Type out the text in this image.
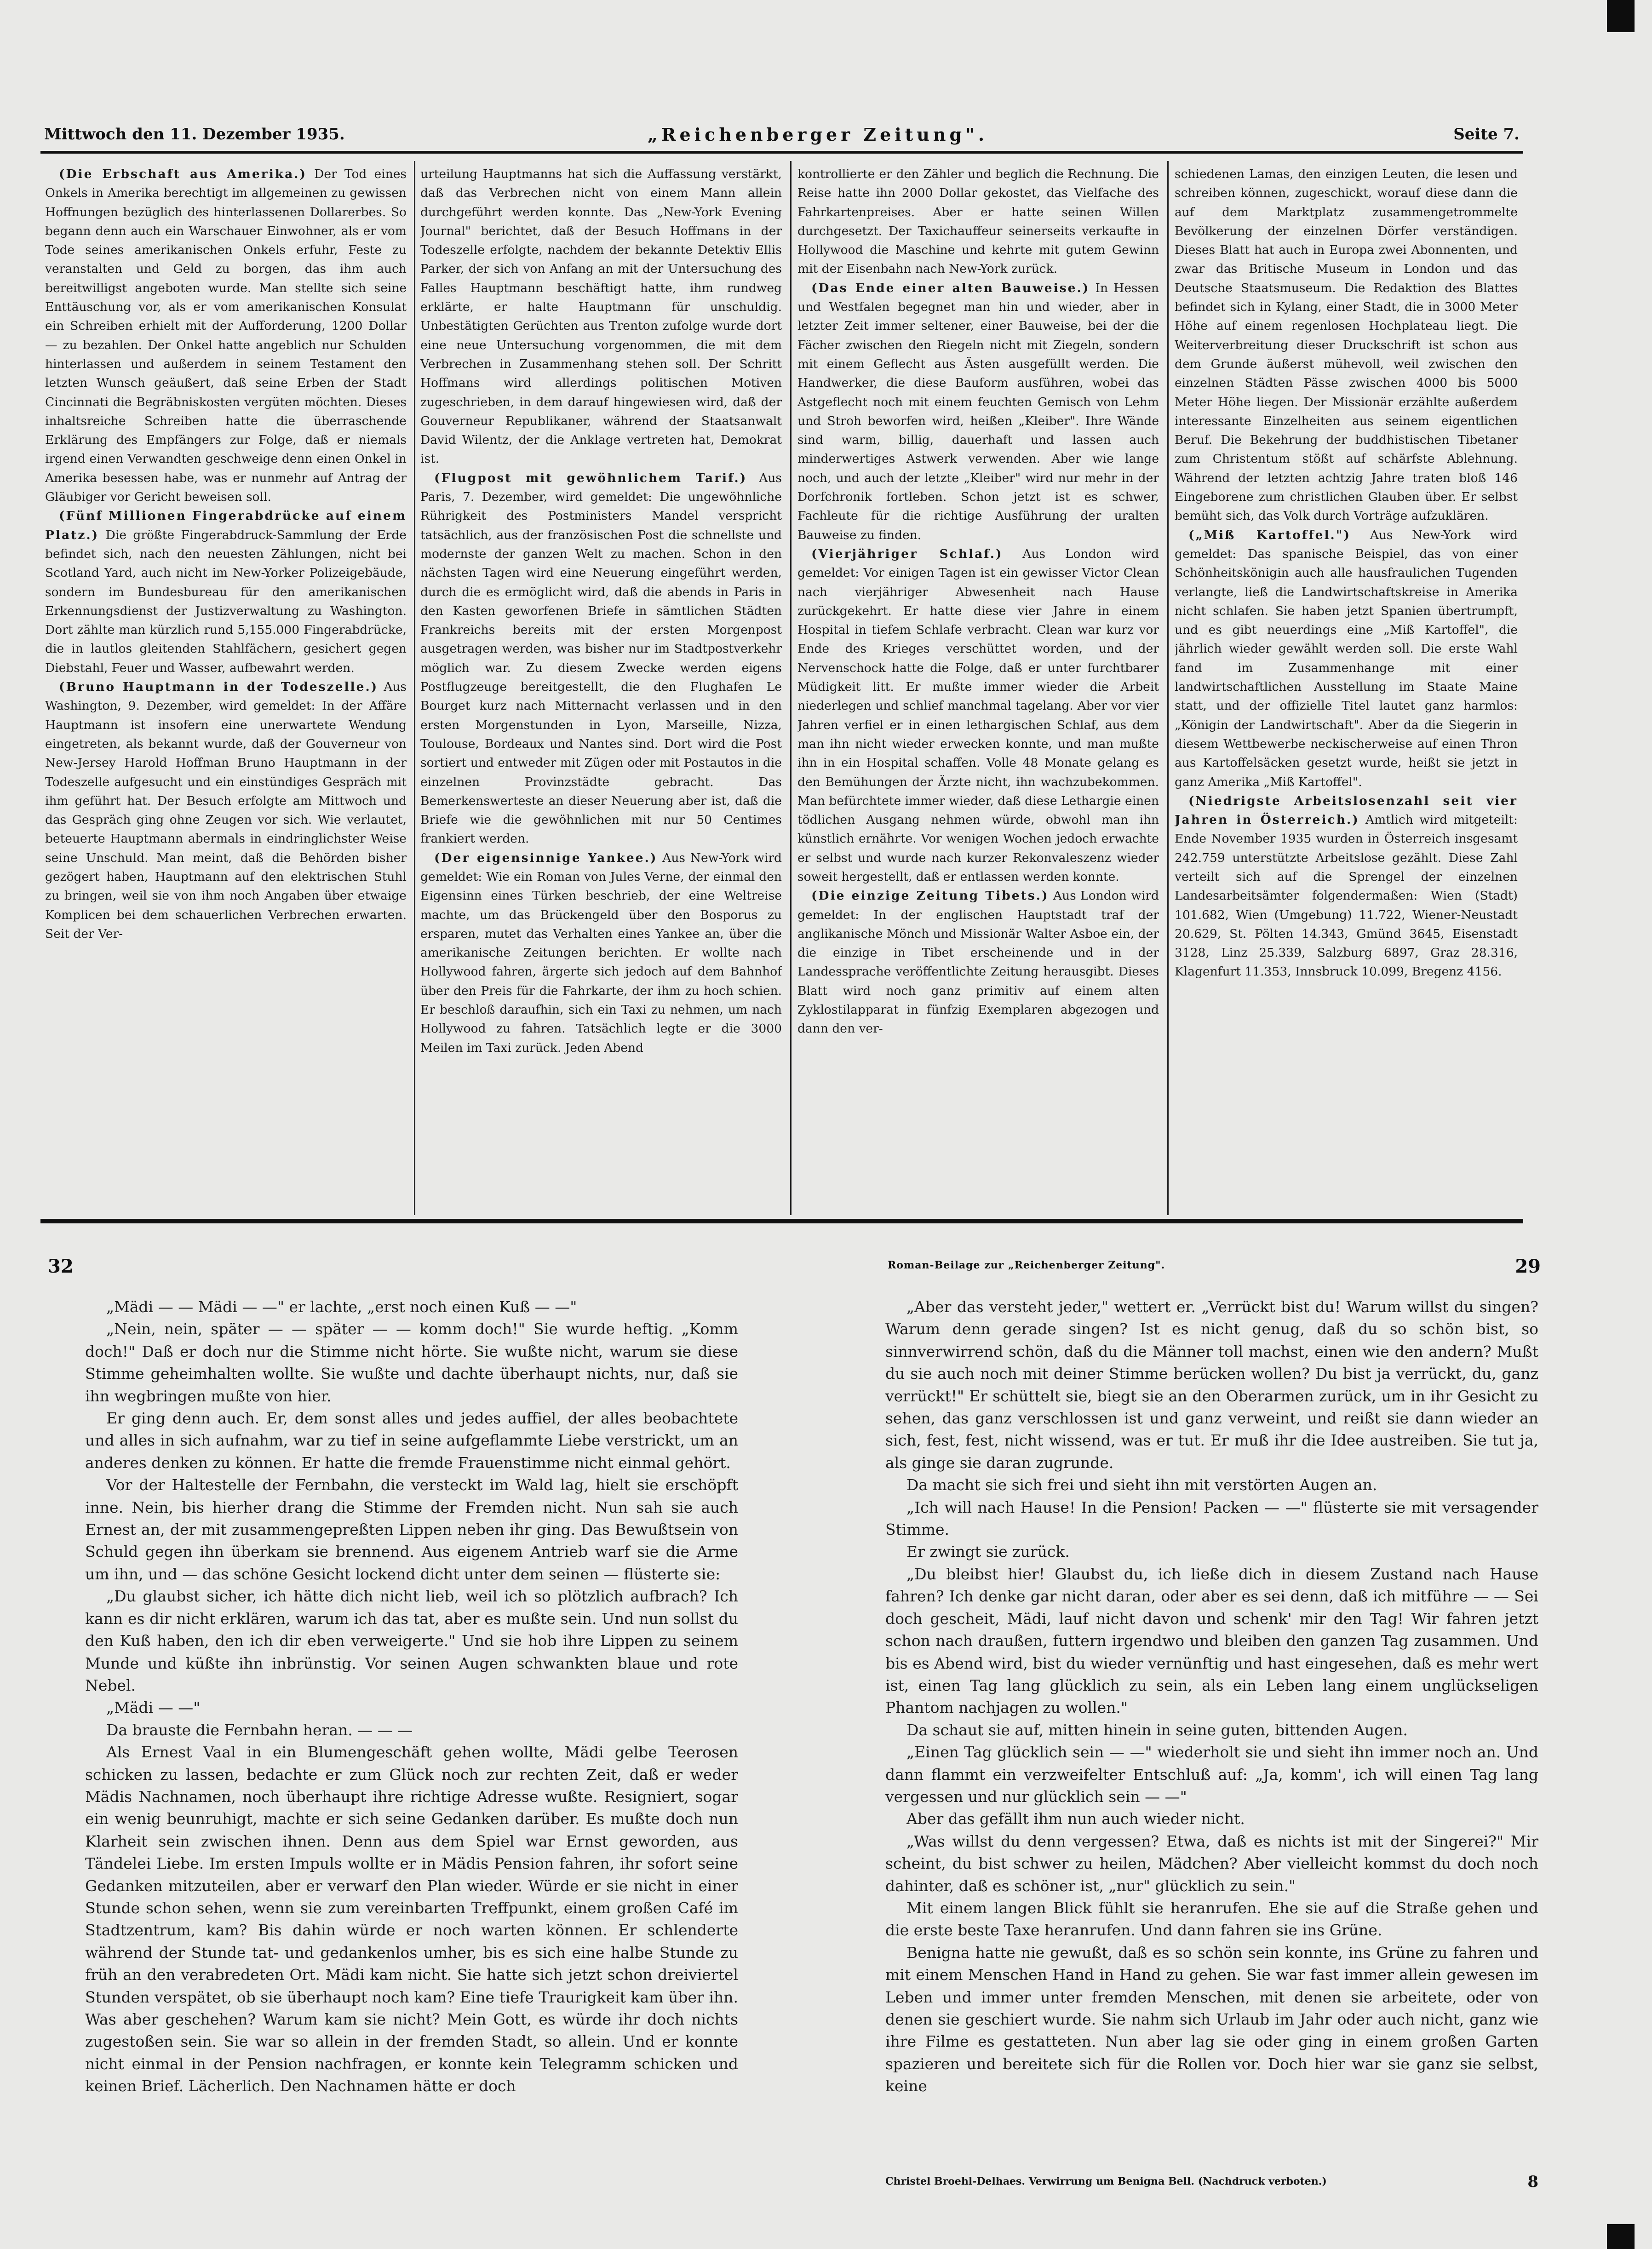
Mittwoch den 11. Dezember 1935.	„Reichenberger Zeitung".	Seite 7.

(Die Erbschaft aus Amerika.) Der Tod eines Onkels in Amerika berechtigt im allgemeinen zu gewissen Hoffnungen bezüglich des hinterlassenen Dollarerbes. So begann denn auch ein Warschauer Einwohner, als er vom Tode seines amerikanischen Onkels erfuhr, Feste zu veranstalten und Geld zu borgen, das ihm auch bereitwilligst angeboten wurde. Man stellte sich seine Enttäuschung vor, als er vom amerikanischen Konsulat ein Schreiben erhielt mit der Aufforderung, 1200 Dollar — zu bezahlen. Der Onkel hatte angeblich nur Schulden hinterlassen und außerdem in seinem Testament den letzten Wunsch geäußert, daß seine Erben der Stadt Cincinnati die Begräbniskosten vergüten möchten. Dieses inhaltsreiche Schreiben hatte die überraschende Erklärung des Empfängers zur Folge, daß er niemals irgend einen Verwandten geschweige denn einen Onkel in Amerika besessen habe, was er nunmehr auf Antrag der Gläubiger vor Gericht beweisen soll.

(Fünf Millionen Fingerabdrücke auf einem Platz.) Die größte Fingerabdruck-Sammlung der Erde befindet sich, nach den neuesten Zählungen, nicht bei Scotland Yard, auch nicht im New-Yorker Polizeigebäude, sondern im Bundesbureau für den amerikanischen Erkennungsdienst der Justizverwaltung zu Washington. Dort zählte man kürzlich rund 5,155.000 Fingerabdrücke, die in lautlos gleitenden Stahlfächern, gesichert gegen Diebstahl, Feuer und Wasser, aufbewahrt werden.

(Bruno Hauptmann in der Todeszelle.) Aus Washington, 9. Dezember, wird gemeldet: In der Affäre Hauptmann ist insofern eine unerwartete Wendung eingetreten, als bekannt wurde, daß der Gouverneur von New-Jersey Harold Hoffman Bruno Hauptmann in der Todeszelle aufgesucht und ein einstündiges Gespräch mit ihm geführt hat. Der Besuch erfolgte am Mittwoch und das Gespräch ging ohne Zeugen vor sich. Wie verlautet, beteuerte Hauptmann abermals in eindringlichster Weise seine Unschuld. Man meint, daß die Behörden bisher gezögert haben, Hauptmann auf den elektrischen Stuhl zu bringen, weil sie von ihm noch Angaben über etwaige Komplicen bei dem schauerlichen Verbrechen erwarten. Seit der Ver-

urteilung Hauptmanns hat sich die Auffassung verstärkt, daß das Verbrechen nicht von einem Mann allein durchgeführt werden konnte. Das „New-York Evening Journal" berichtet, daß der Besuch Hoffmans in der Todeszelle erfolgte, nachdem der bekannte Detektiv Ellis Parker, der sich von Anfang an mit der Untersuchung des Falles Hauptmann beschäftigt hatte, ihm rundweg erklärte, er halte Hauptmann für unschuldig. Unbestätigten Gerüchten aus Trenton zufolge wurde dort eine neue Untersuchung vorgenommen, die mit dem Verbrechen in Zusammenhang stehen soll. Der Schritt Hoffmans wird allerdings politischen Motiven zugeschrieben, in dem darauf hingewiesen wird, daß der Gouverneur Republikaner, während der Staatsanwalt David Wilentz, der die Anklage vertreten hat, Demokrat ist.

(Flugpost mit gewöhnlichem Tarif.) Aus Paris, 7. Dezember, wird gemeldet: Die ungewöhnliche Rührigkeit des Postministers Mandel verspricht tatsächlich, aus der französischen Post die schnellste und modernste der ganzen Welt zu machen. Schon in den nächsten Tagen wird eine Neuerung eingeführt werden, durch die es ermöglicht wird, daß die abends in Paris in den Kasten geworfenen Briefe in sämtlichen Städten Frankreichs bereits mit der ersten Morgenpost ausgetragen werden, was bisher nur im Stadtpostverkehr möglich war. Zu diesem Zwecke werden eigens Postflugzeuge bereitgestellt, die den Flughafen Le Bourget kurz nach Mitternacht verlassen und in den ersten Morgenstunden in Lyon, Marseille, Nizza, Toulouse, Bordeaux und Nantes sind. Dort wird die Post sortiert und entweder mit Zügen oder mit Postautos in die einzelnen Provinzstädte gebracht. Das Bemerkenswerteste an dieser Neuerung aber ist, daß die Briefe wie die gewöhnlichen mit nur 50 Centimes frankiert werden.

(Der eigensinnige Yankee.) Aus New-York wird gemeldet: Wie ein Roman von Jules Verne, der einmal den Eigensinn eines Türken beschrieb, der eine Weltreise machte, um das Brückengeld über den Bosporus zu ersparen, mutet das Verhalten eines Yankee an, über die amerikanische Zeitungen berichten. Er wollte nach Hollywood fahren, ärgerte sich jedoch auf dem Bahnhof über den Preis für die Fahrkarte, der ihm zu hoch schien. Er beschloß daraufhin, sich ein Taxi zu nehmen, um nach Hollywood zu fahren. Tatsächlich legte er die 3000 Meilen im Taxi zurück. Jeden Abend

kontrollierte er den Zähler und beglich die Rechnung. Die Reise hatte ihn 2000 Dollar gekostet, das Vielfache des Fahrkartenpreises. Aber er hatte seinen Willen durchgesetzt. Der Taxichauffeur seinerseits verkaufte in Hollywood die Maschine und kehrte mit gutem Gewinn mit der Eisenbahn nach New-York zurück.

(Das Ende einer alten Bauweise.) In Hessen und Westfalen begegnet man hin und wieder, aber in letzter Zeit immer seltener, einer Bauweise, bei der die Fächer zwischen den Riegeln nicht mit Ziegeln, sondern mit einem Geflecht aus Ästen ausgefüllt werden. Die Handwerker, die diese Bauform ausführen, wobei das Astgeflecht noch mit einem feuchten Gemisch von Lehm und Stroh beworfen wird, heißen „Kleiber". Ihre Wände sind warm, billig, dauerhaft und lassen auch minderwertiges Astwerk verwenden. Aber wie lange noch, und auch der letzte „Kleiber" wird nur mehr in der Dorfchronik fortleben. Schon jetzt ist es schwer, Fachleute für die richtige Ausführung der uralten Bauweise zu finden.

(Vierjähriger Schlaf.) Aus London wird gemeldet: Vor einigen Tagen ist ein gewisser Victor Clean nach vierjähriger Abwesenheit nach Hause zurückgekehrt. Er hatte diese vier Jahre in einem Hospital in tiefem Schlafe verbracht. Clean war kurz vor Ende des Krieges verschüttet worden, und der Nervenschock hatte die Folge, daß er unter furchtbarer Müdigkeit litt. Er mußte immer wieder die Arbeit niederlegen und schlief manchmal tagelang. Aber vor vier Jahren verfiel er in einen lethargischen Schlaf, aus dem man ihn nicht wieder erwecken konnte, und man mußte ihn in ein Hospital schaffen. Volle 48 Monate gelang es den Bemühungen der Ärzte nicht, ihn wachzubekommen. Man befürchtete immer wieder, daß diese Lethargie einen tödlichen Ausgang nehmen würde, obwohl man ihn künstlich ernährte. Vor wenigen Wochen jedoch erwachte er selbst und wurde nach kurzer Rekonvaleszenz wieder soweit hergestellt, daß er entlassen werden konnte.

(Die einzige Zeitung Tibets.) Aus London wird gemeldet: In der englischen Hauptstadt traf der anglikanische Mönch und Missionär Walter Asboe ein, der die einzige in Tibet erscheinende und in der Landessprache veröffentlichte Zeitung herausgibt. Dieses Blatt wird noch ganz primitiv auf einem alten Zyklostilapparat in fünfzig Exemplaren abgezogen und dann den ver-

schiedenen Lamas, den einzigen Leuten, die lesen und schreiben können, zugeschickt, worauf diese dann die auf dem Marktplatz zusammengetrommelte Bevölkerung der einzelnen Dörfer verständigen. Dieses Blatt hat auch in Europa zwei Abonnenten, und zwar das Britische Museum in London und das Deutsche Staatsmuseum. Die Redaktion des Blattes befindet sich in Kylang, einer Stadt, die in 3000 Meter Höhe auf einem regenlosen Hochplateau liegt. Die Weiterverbreitung dieser Druckschrift ist schon aus dem Grunde äußerst mühevoll, weil zwischen den einzelnen Städten Pässe zwischen 4000 bis 5000 Meter Höhe liegen. Der Missionär erzählte außerdem interessante Einzelheiten aus seinem eigentlichen Beruf. Die Bekehrung der buddhistischen Tibetaner zum Christentum stößt auf schärfste Ablehnung. Während der letzten achtzig Jahre traten bloß 146 Eingeborene zum christlichen Glauben über. Er selbst bemüht sich, das Volk durch Vorträge aufzuklären.

(„Miß Kartoffel.") Aus New-York wird gemeldet: Das spanische Beispiel, das von einer Schönheitskönigin auch alle hausfraulichen Tugenden verlangte, ließ die Landwirtschaftskreise in Amerika nicht schlafen. Sie haben jetzt Spanien übertrumpft, und es gibt neuerdings eine „Miß Kartoffel", die jährlich wieder gewählt werden soll. Die erste Wahl fand im Zusammenhange mit einer landwirtschaftlichen Ausstellung im Staate Maine statt, und der offizielle Titel lautet ganz harmlos: „Königin der Landwirtschaft". Aber da die Siegerin in diesem Wettbewerbe neckischerweise auf einen Thron aus Kartoffelsäcken gesetzt wurde, heißt sie jetzt in ganz Amerika „Miß Kartoffel".

(Niedrigste Arbeitslosenzahl seit vier Jahren in Österreich.) Amtlich wird mitgeteilt: Ende November 1935 wurden in Österreich insgesamt 242.759 unterstützte Arbeitslose gezählt. Diese Zahl verteilt sich auf die Sprengel der einzelnen Landesarbeitsämter folgendermaßen: Wien (Stadt) 101.682, Wien (Umgebung) 11.722, Wiener-Neustadt 20.629, St. Pölten 14.343, Gmünd 3645, Eisenstadt 3128, Linz 25.339, Salzburg 6897, Graz 28.316, Klagenfurt 11.353, Innsbruck 10.099, Bregenz 4156.

32

„Mädi — — Mädi — —" er lachte, „erst noch einen Kuß — —"

„Nein, nein, später — — später — — komm doch!" Sie wurde heftig. „Komm doch!" Daß er doch nur die Stimme nicht hörte. Sie wußte nicht, warum sie diese Stimme geheimhalten wollte. Sie wußte und dachte überhaupt nichts, nur, daß sie ihn wegbringen mußte von hier.

Er ging denn auch. Er, dem sonst alles und jedes auffiel, der alles beobachtete und alles in sich aufnahm, war zu tief in seine aufgeflammte Liebe verstrickt, um an anderes denken zu können. Er hatte die fremde Frauenstimme nicht einmal gehört.

Vor der Haltestelle der Fernbahn, die versteckt im Wald lag, hielt sie erschöpft inne. Nein, bis hierher drang die Stimme der Fremden nicht. Nun sah sie auch Ernest an, der mit zusammengepreßten Lippen neben ihr ging. Das Bewußtsein von Schuld gegen ihn überkam sie brennend. Aus eigenem Antrieb warf sie die Arme um ihn, und — das schöne Gesicht lockend dicht unter dem seinen — flüsterte sie:

„Du glaubst sicher, ich hätte dich nicht lieb, weil ich so plötzlich aufbrach? Ich kann es dir nicht erklären, warum ich das tat, aber es mußte sein. Und nun sollst du den Kuß haben, den ich dir eben verweigerte." Und sie hob ihre Lippen zu seinem Munde und küßte ihn inbrünstig. Vor seinen Augen schwankten blaue und rote Nebel.

„Mädi — —"

Da brauste die Fernbahn heran. — — —

Als Ernest Vaal in ein Blumengeschäft gehen wollte, Mädi gelbe Teerosen schicken zu lassen, bedachte er zum Glück noch zur rechten Zeit, daß er weder Mädis Nachnamen, noch überhaupt ihre richtige Adresse wußte. Resigniert, sogar ein wenig beunruhigt, machte er sich seine Gedanken darüber. Es mußte doch nun Klarheit sein zwischen ihnen. Denn aus dem Spiel war Ernst geworden, aus Tändelei Liebe. Im ersten Impuls wollte er in Mädis Pension fahren, ihr sofort seine Gedanken mitzuteilen, aber er verwarf den Plan wieder. Würde er sie nicht in einer Stunde schon sehen, wenn sie zum vereinbarten Treffpunkt, einem großen Café im Stadtzentrum, kam? Bis dahin würde er noch warten können. Er schlenderte während der Stunde tat- und gedankenlos umher, bis es sich eine halbe Stunde zu früh an den verabredeten Ort. Mädi kam nicht. Sie hatte sich jetzt schon dreiviertel Stunden verspätet, ob sie überhaupt noch kam? Eine tiefe Traurigkeit kam über ihn. Was aber geschehen? Warum kam sie nicht? Mein Gott, es würde ihr doch nichts zugestoßen sein. Sie war so allein in der fremden Stadt, so allein. Und er konnte nicht einmal in der Pension nachfragen, er konnte kein Telegramm schicken und keinen Brief. Lächerlich. Den Nachnamen hätte er doch

Roman-Beilage zur „Reichenberger Zeitung".	29

„Aber das versteht jeder," wettert er. „Verrückt bist du! Warum willst du singen? Warum denn gerade singen? Ist es nicht genug, daß du so schön bist, so sinnverwirrend schön, daß du die Männer toll machst, einen wie den andern? Mußt du sie auch noch mit deiner Stimme berücken wollen? Du bist ja verrückt, du, ganz verrückt!" Er schüttelt sie, biegt sie an den Oberarmen zurück, um in ihr Gesicht zu sehen, das ganz verschlossen ist und ganz verweint, und reißt sie dann wieder an sich, fest, fest, nicht wissend, was er tut. Er muß ihr die Idee austreiben. Sie tut ja, als ginge sie daran zugrunde.

Da macht sie sich frei und sieht ihn mit verstörten Augen an.

„Ich will nach Hause! In die Pension! Packen — —" flüsterte sie mit versagender Stimme.

Er zwingt sie zurück.

„Du bleibst hier! Glaubst du, ich ließe dich in diesem Zustand nach Hause fahren? Ich denke gar nicht daran, oder aber es sei denn, daß ich mitführe — — Sei doch gescheit, Mädi, lauf nicht davon und schenk' mir den Tag! Wir fahren jetzt schon nach draußen, futtern irgendwo und bleiben den ganzen Tag zusammen. Und bis es Abend wird, bist du wieder vernünftig und hast eingesehen, daß es mehr wert ist, einen Tag lang glücklich zu sein, als ein Leben lang einem unglückseligen Phantom nachjagen zu wollen."

Da schaut sie auf, mitten hinein in seine guten, bittenden Augen.

„Einen Tag glücklich sein — —" wiederholt sie und sieht ihn immer noch an. Und dann flammt ein verzweifelter Entschluß auf: „Ja, komm', ich will einen Tag lang vergessen und nur glücklich sein — —"

Aber das gefällt ihm nun auch wieder nicht.

„Was willst du denn vergessen? Etwa, daß es nichts ist mit der Singerei?" Mir scheint, du bist schwer zu heilen, Mädchen? Aber vielleicht kommst du doch noch dahinter, daß es schöner ist, „nur" glücklich zu sein."

Mit einem langen Blick fühlt sie heranrufen. Ehe sie auf die Straße gehen und die erste beste Taxe heranrufen. Und dann fahren sie ins Grüne.

Benigna hatte nie gewußt, daß es so schön sein konnte, ins Grüne zu fahren und mit einem Menschen Hand in Hand zu gehen. Sie war fast immer allein gewesen im Leben und immer unter fremden Menschen, mit denen sie arbeitete, oder von denen sie geschiert wurde. Sie nahm sich Urlaub im Jahr oder auch nicht, ganz wie ihre Filme es gestatteten. Nun aber lag sie oder ging in einem großen Garten spazieren und bereitete sich für die Rollen vor. Doch hier war sie ganz sie selbst, keine

Christel Broehl-Delhaes. Verwirrung um Benigna Bell. (Nachdruck verboten.)	8
